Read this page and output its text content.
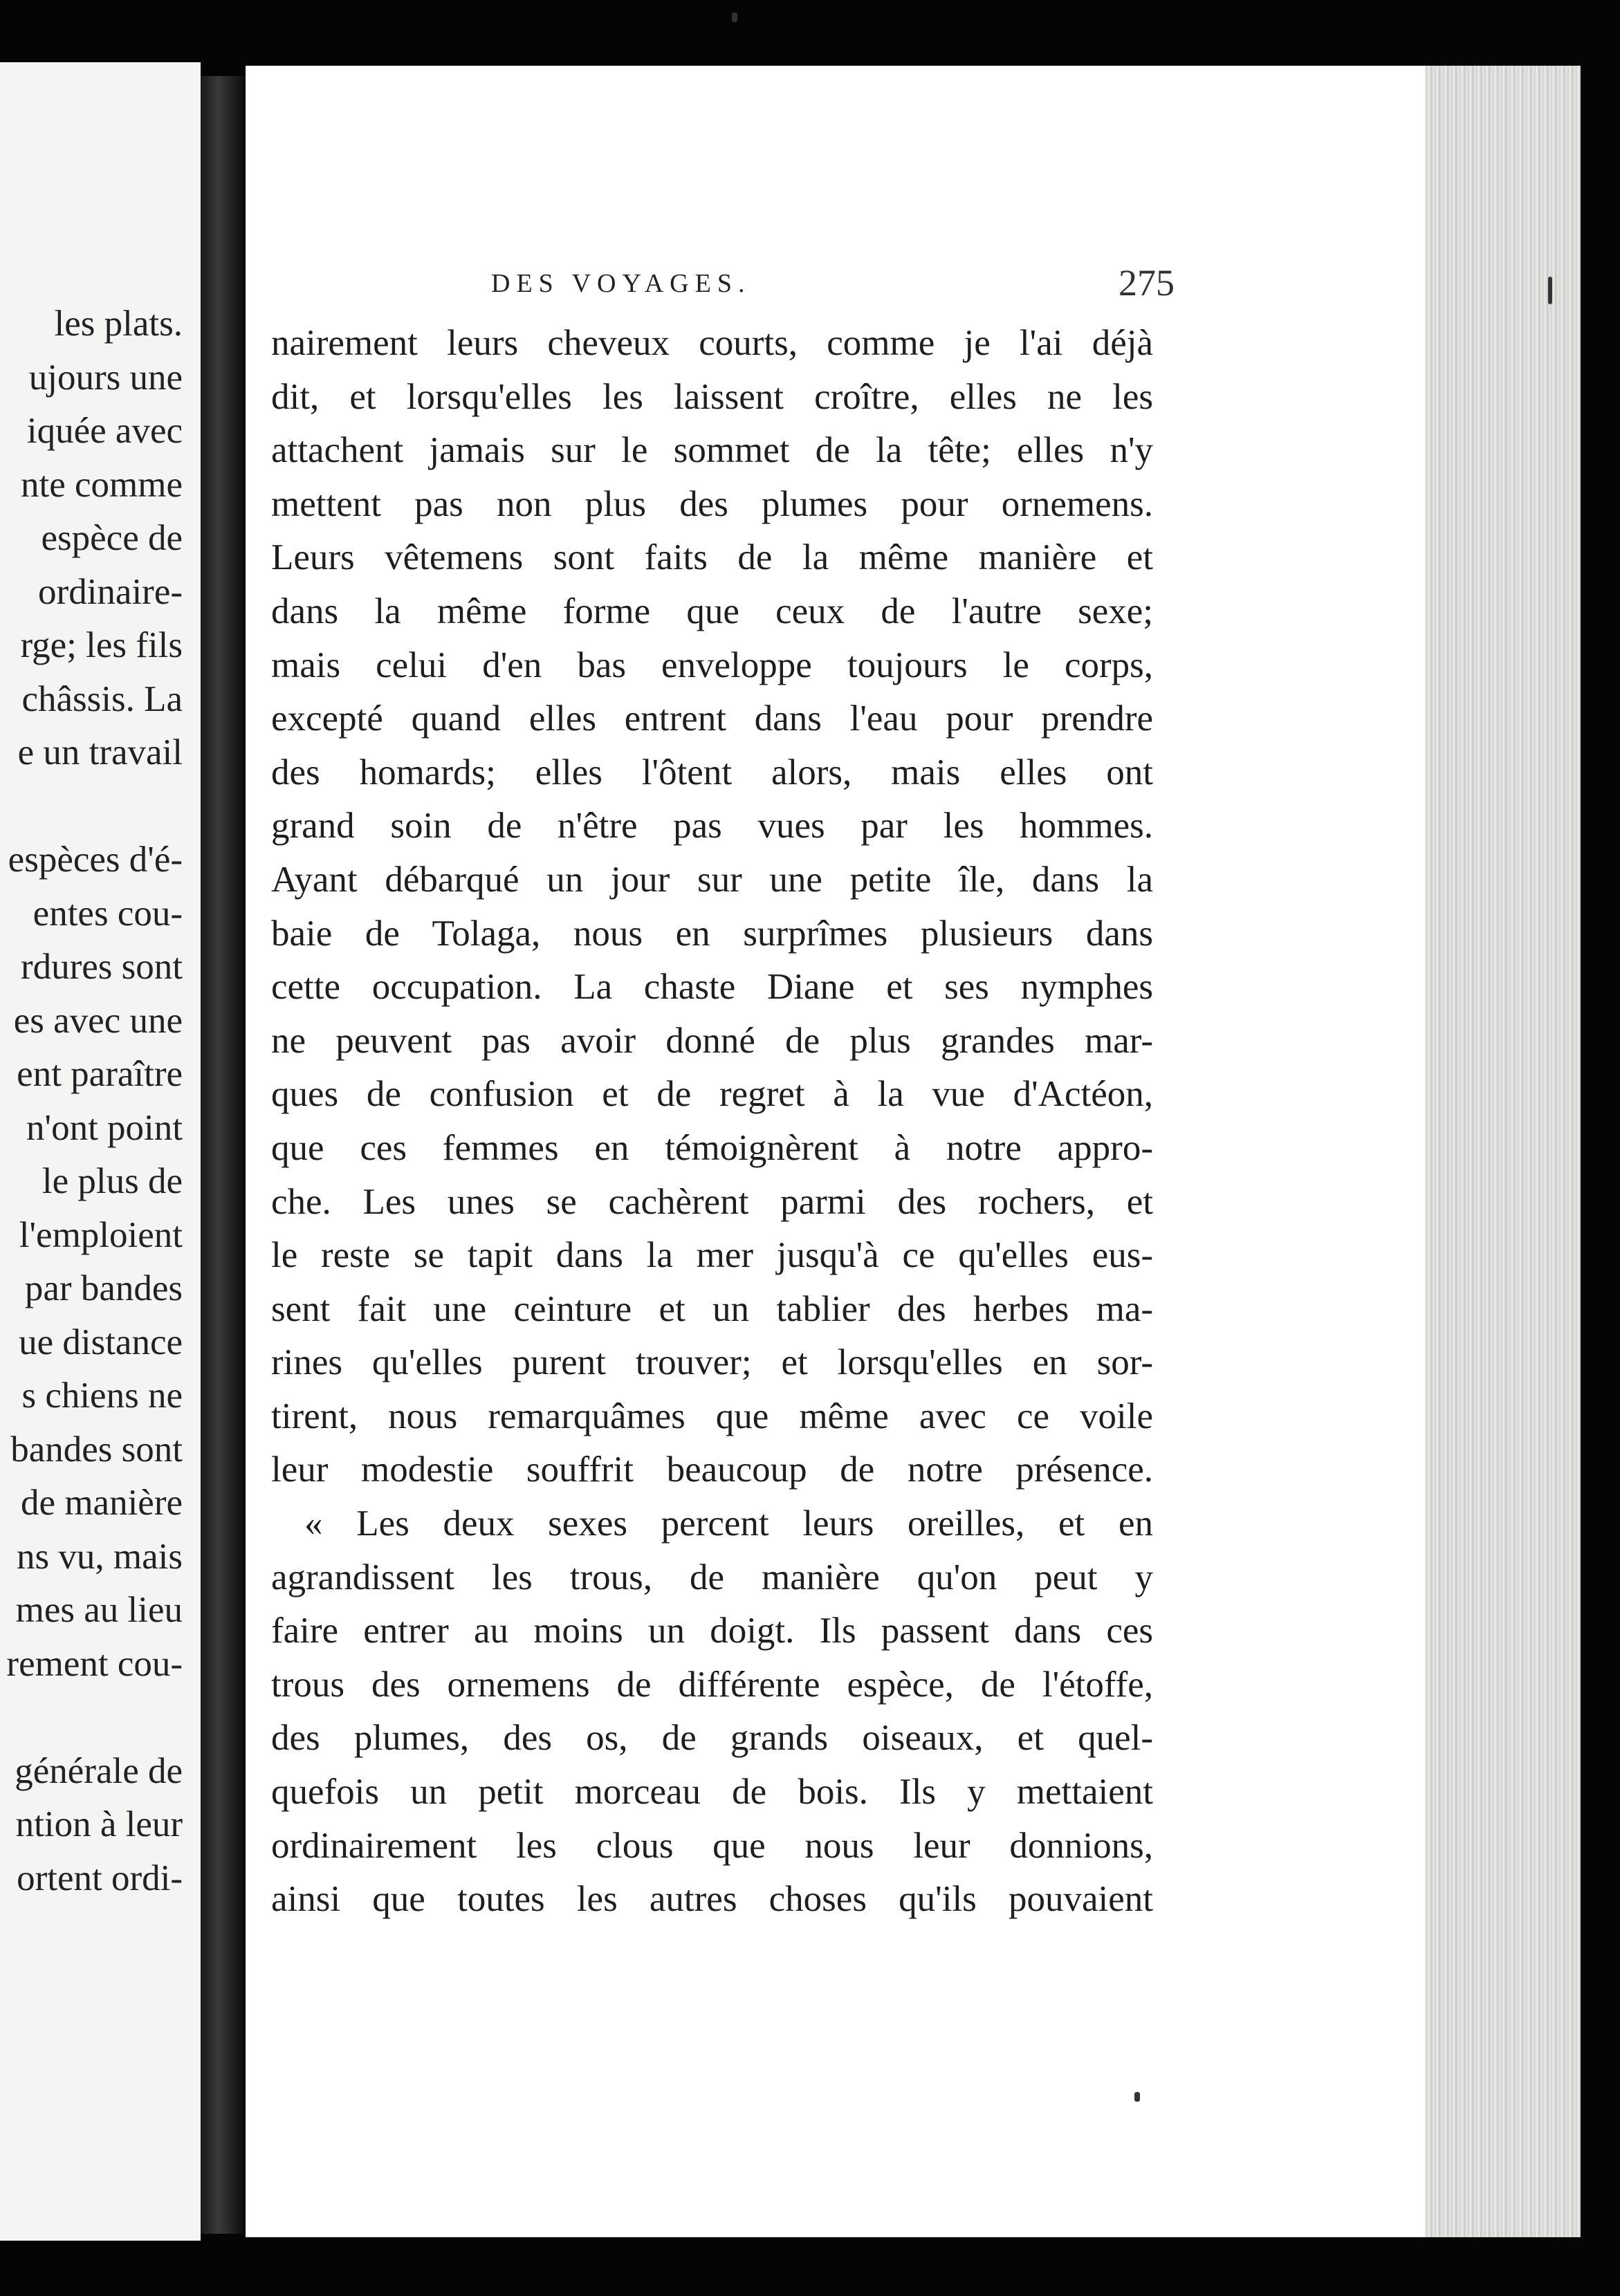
les plats.
ujours une
iquée avec
nte comme
espèce de
ordinaire-
rge; les fils
châssis. La
e un travail
espèces d'é-
entes cou-
rdures sont
es avec une
ent paraître
n'ont point
le plus de
l'emploient
par bandes
ue distance
s chiens ne
bandes sont
de manière
ns vu, mais
mes au lieu
rement cou-
générale de
ntion à leur
ortent ordi-
DES VOYAGES.	275
nairement leurs cheveux courts, comme je l'ai déjà
dit, et lorsqu'elles les laissent croître, elles ne les
attachent jamais sur le sommet de la tête; elles n'y
mettent pas non plus des plumes pour ornemens.
Leurs vêtemens sont faits de la même manière et
dans la même forme que ceux de l'autre sexe;
mais celui d'en bas enveloppe toujours le corps,
excepté quand elles entrent dans l'eau pour prendre
des homards; elles l'ôtent alors, mais elles ont
grand soin de n'être pas vues par les hommes.
Ayant débarqué un jour sur une petite île, dans la
baie de Tolaga, nous en surprîmes plusieurs dans
cette occupation. La chaste Diane et ses nymphes
ne peuvent pas avoir donné de plus grandes mar-
ques de confusion et de regret à la vue d'Actéon,
que ces femmes en témoignèrent à notre appro-
che. Les unes se cachèrent parmi des rochers, et
le reste se tapit dans la mer jusqu'à ce qu'elles eus-
sent fait une ceinture et un tablier des herbes ma-
rines qu'elles purent trouver; et lorsqu'elles en sor-
tirent, nous remarquâmes que même avec ce voile
leur modestie souffrit beaucoup de notre présence.
« Les deux sexes percent leurs oreilles, et en
agrandissent les trous, de manière qu'on peut y
faire entrer au moins un doigt. Ils passent dans ces
trous des ornemens de différente espèce, de l'étoffe,
des plumes, des os, de grands oiseaux, et quel-
quefois un petit morceau de bois. Ils y mettaient
ordinairement les clous que nous leur donnions,
ainsi que toutes les autres choses qu'ils pouvaient
